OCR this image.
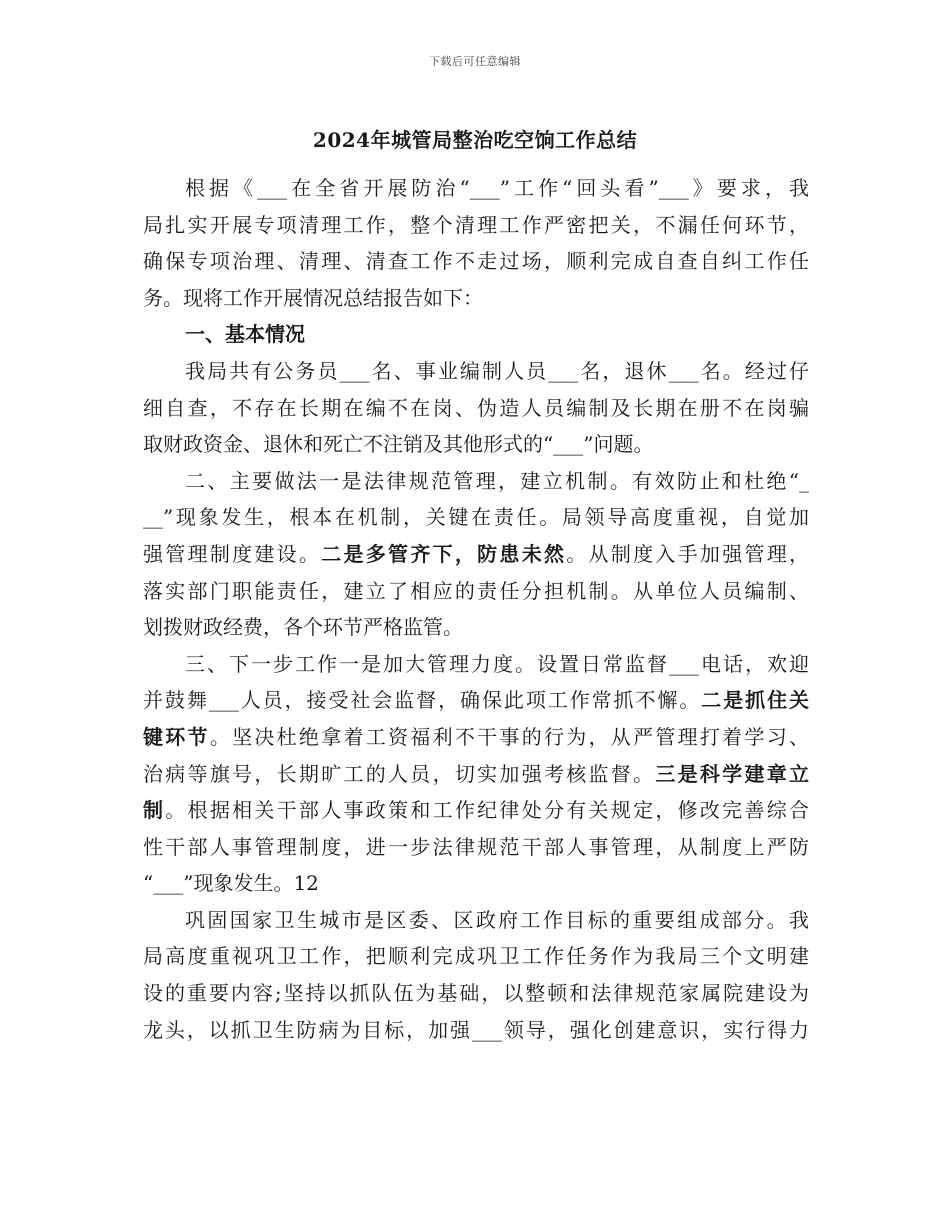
下载后可任意编辑
2024年城管局整治吃空饷工作总结
根据《___在全省开展防治“___”工作“回头看”___》要求，我
局扎实开展专项清理工作，整个清理工作严密把关，不漏任何环节，
确保专项治理、清理、清查工作不走过场，顺利完成自查自纠工作任
务。现将工作开展情况总结报告如下：
一、基本情况
我局共有公务员___名、事业编制人员___名，退休___名。经过仔
细自查，不存在长期在编不在岗、伪造人员编制及长期在册不在岗骗
取财政资金、退休和死亡不注销及其他形式的“___”问题。
二、主要做法一是法律规范管理，建立机制。有效防止和杜绝“_
__”现象发生，根本在机制，关键在责任。局领导高度重视，自觉加
强管理制度建设。二是多管齐下，防患未然。从制度入手加强管理，
落实部门职能责任，建立了相应的责任分担机制。从单位人员编制、
划拨财政经费，各个环节严格监管。
三、下一步工作一是加大管理力度。设置日常监督___电话，欢迎
并鼓舞___人员，接受社会监督，确保此项工作常抓不懈。二是抓住关
键环节。坚决杜绝拿着工资福利不干事的行为，从严管理打着学习、
治病等旗号，长期旷工的人员，切实加强考核监督。三是科学建章立
制。根据相关干部人事政策和工作纪律处分有关规定，修改完善综合
性干部人事管理制度，进一步法律规范干部人事管理，从制度上严防
“___”现象发生。12
巩固国家卫生城市是区委、区政府工作目标的重要组成部分。我
局高度重视巩卫工作，把顺利完成巩卫工作任务作为我局三个文明建
设的重要内容;坚持以抓队伍为基础，以整顿和法律规范家属院建设为
龙头，以抓卫生防病为目标，加强___领导，强化创建意识，实行得力
